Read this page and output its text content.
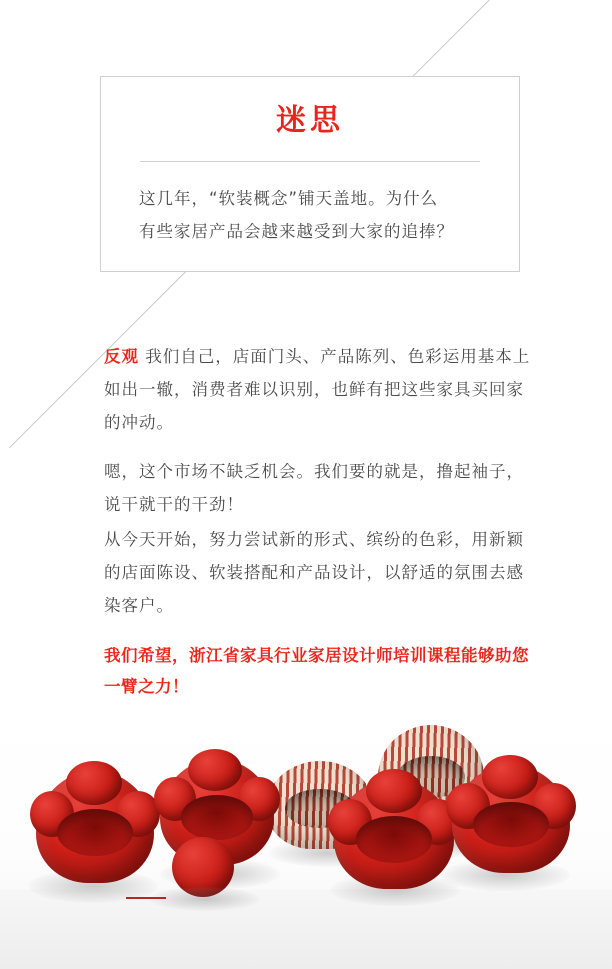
迷思
这几年，“软装概念”铺天盖地。为什么
有些家居产品会越来越受到大家的追捧？

反观 我们自己，店面门头、产品陈列、色彩运用基本上如出一辙，消费者难以识别，也鲜有把这些家具买回家的冲动。

嗯，这个市场不缺乏机会。我们要的就是，撸起袖子，说干就干的干劲！

从今天开始，努力尝试新的形式、缤纷的色彩，用新颖的店面陈设、软装搭配和产品设计，以舒适的氛围去感染客户。

我们希望，浙江省家具行业家居设计师培训课程能够助您一臂之力！
